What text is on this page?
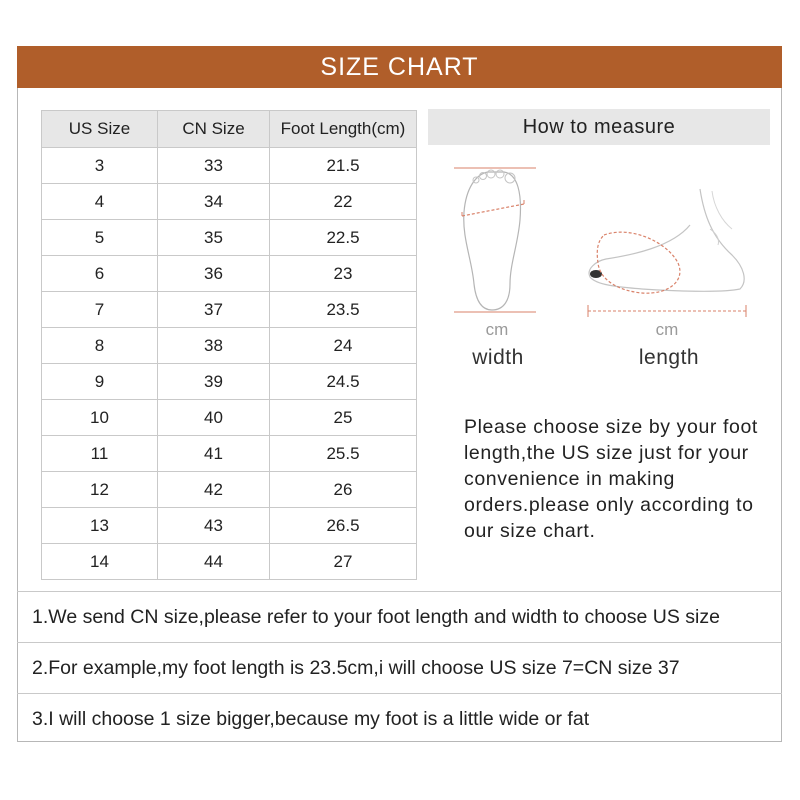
SIZE CHART
US Size	CN Size	Foot Length(cm)
3	33	21.5
4	34	22
5	35	22.5
6	36	23
7	37	23.5
8	38	24
9	39	24.5
10	40	25
11	41	25.5
12	42	26
13	43	26.5
14	44	27
How to measure
cm
width
cm
length
Please choose size by your foot length,the US size just for your convenience in making orders.please only according to our size chart.
1.We send CN size,please refer to your foot length and width to choose US size
2.For example,my foot length is 23.5cm,i will choose US size 7=CN size 37
3.I will choose 1 size bigger,because my foot is a little wide or fat
